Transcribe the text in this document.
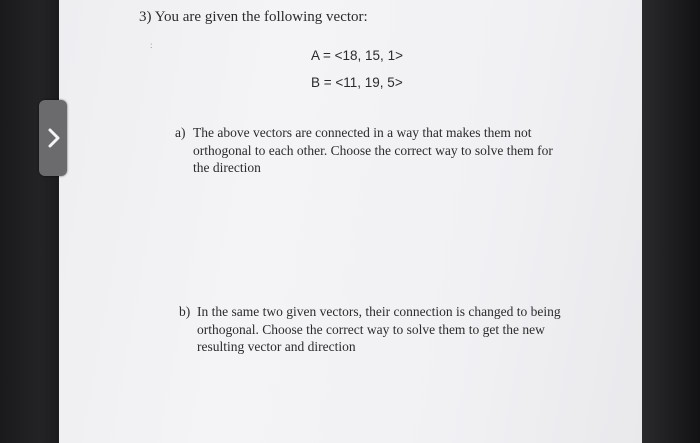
3) You are given the following vector:
:
A = <18, 15, 1>
B = <11, 19, 5>
a) The above vectors are connected in a way that makes them not
orthogonal to each other. Choose the correct way to solve them for
the direction
b) In the same two given vectors, their connection is changed to being
orthogonal. Choose the correct way to solve them to get the new
resulting vector and direction
